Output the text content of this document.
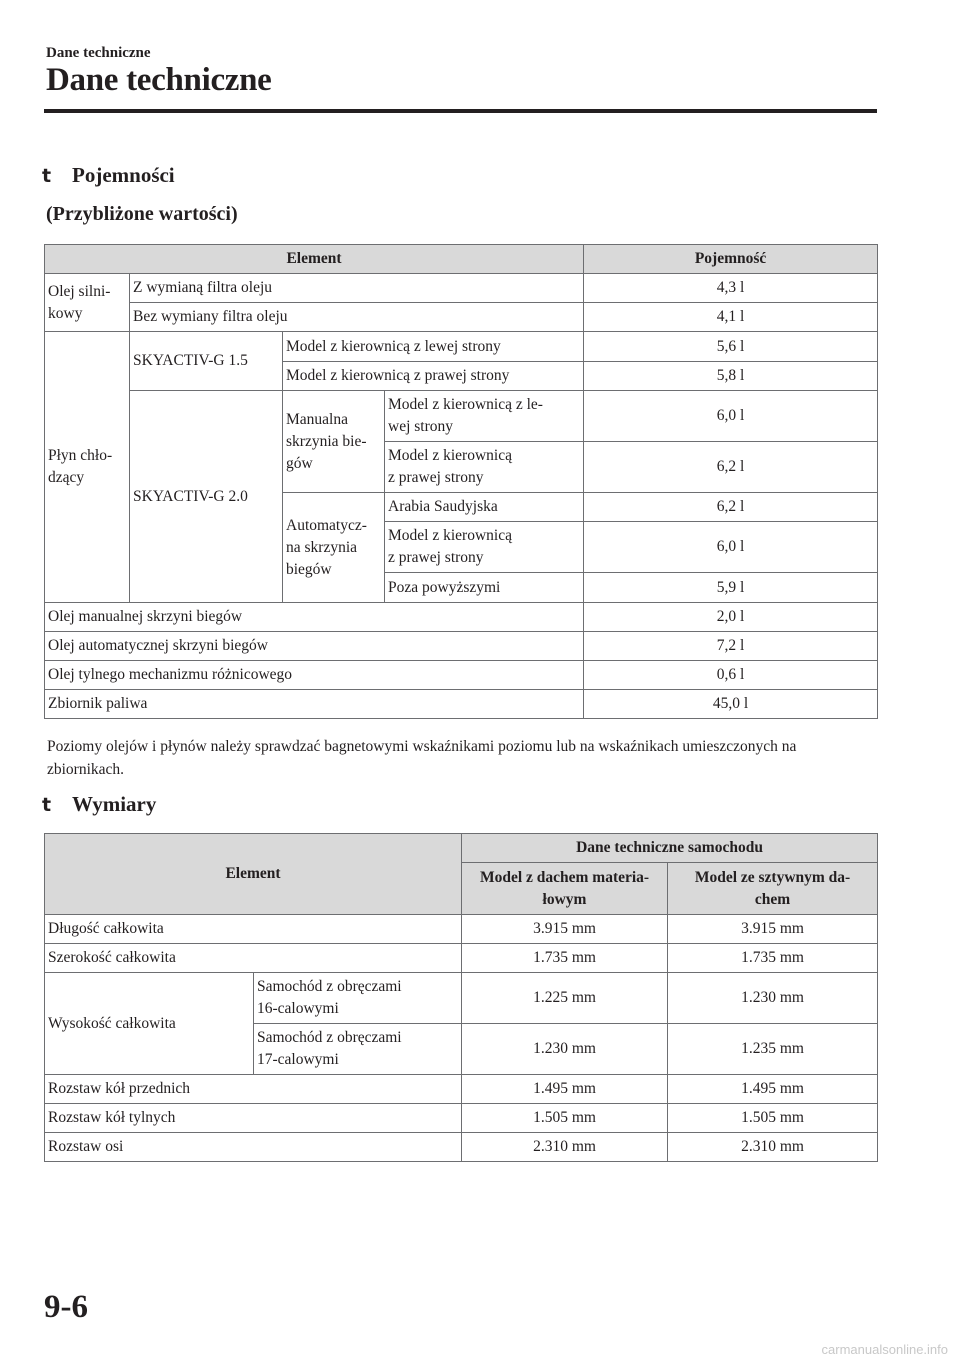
Dane techniczne
Dane techniczne
t Pojemności
(Przybliżone wartości)
Element				Pojemność
Olej silni-
kowy	Z wymianą filtra oleju			4,3 l
	Bez wymiany filtra oleju			4,1 l
Płyn chło-
dzący	SKYACTIV-G 1.5	Model z kierownicą z lewej strony		5,6 l
		Model z kierownicą z prawej strony		5,8 l
	SKYACTIV-G 2.0	Manualna
skrzynia bie-
gów	Model z kierownicą z le-
wej strony	6,0 l
			Model z kierownicą
z prawej strony	6,2 l
		Automatycz-
na skrzynia
biegów	Arabia Saudyjska	6,2 l
			Model z kierownicą
z prawej strony	6,0 l
			Poza powyższymi	5,9 l
Olej manualnej skrzyni biegów				2,0 l
Olej automatycznej skrzyni biegów				7,2 l
Olej tylnego mechanizmu różnicowego				0,6 l
Zbiornik paliwa				45,0 l
Poziomy olejów i płynów należy sprawdzać bagnetowymi wskaźnikami poziomu lub na wskaźnikach umieszczonych na zbiornikach.
t Wymiary
Element		Dane techniczne samochodu	
		Model z dachem materia-
łowym	Model ze sztywnym da-
chem
Długość całkowita		3.915 mm	3.915 mm
Szerokość całkowita		1.735 mm	1.735 mm
Wysokość całkowita	Samochód z obręczami
16-calowymi	1.225 mm	1.230 mm
	Samochód z obręczami
17-calowymi	1.230 mm	1.235 mm
Rozstaw kół przednich		1.495 mm	1.495 mm
Rozstaw kół tylnych		1.505 mm	1.505 mm
Rozstaw osi		2.310 mm	2.310 mm
9-6
carmanualsonline.info
